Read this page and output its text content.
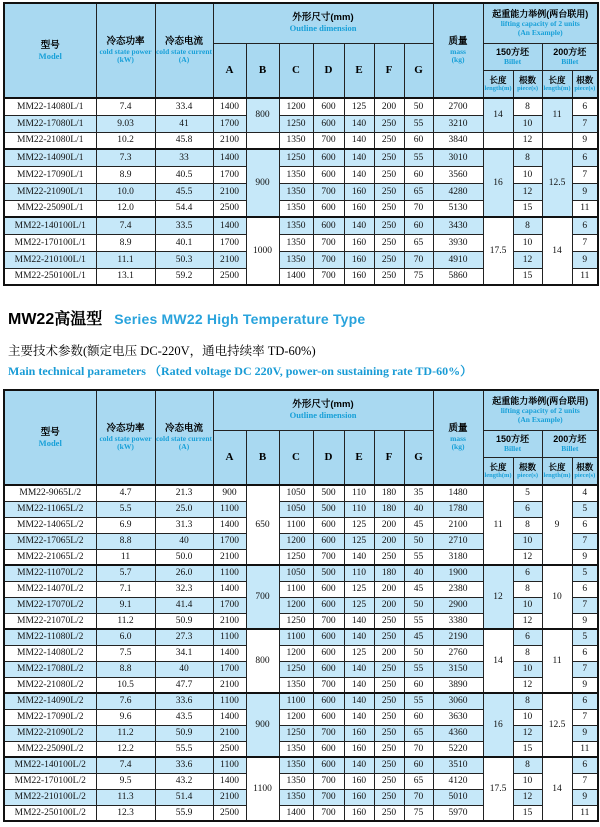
型号
Model

冷态功率
cold state power
(kW)

冷态电流
cold state current
(A)

外形尺寸(mm)
Outline dimension

质量
mass
(kg)

起重能力举例(两台联用)
lifting capacity of 2 units
(An Example)

A	B	C	D	E	F	G

150方坯
Billet

200方坯
Billet

长度
length(m)

根数
piece(s)

长度
length(m)

根数
piece(s)

MM22-14080L/1	7.4	33.4	1400	800	1200	600	125	200	50	2700	14	8	11	6
MM22-17080L/1	9.03	41	1700		1250	600	140	250	55	3210		10		7
MM22-21080L/1	10.2	45.8	2100		1350	700	140	250	60	3840		12		9
MM22-14090L/1	7.3	33	1400	900	1250	600	140	250	55	3010	16	8	12.5	6
MM22-17090L/1	8.9	40.5	1700		1350	600	140	250	60	3560		10		7
MM22-21090L/1	10.0	45.5	2100		1350	700	160	250	65	4280		12		9
MM22-25090L/1	12.0	54.4	2500		1350	600	160	250	70	5130		15		11
MM22-140100L/1	7.4	33.5	1400	1000	1350	600	140	250	60	3430	17.5	8	14	6
MM22-170100L/1	8.9	40.1	1700		1350	700	160	250	65	3930		10		7
MM22-210100L/1	11.1	50.3	2100		1350	700	160	250	70	4910		12		9
MM22-250100L/1	13.1	59.2	2500		1400	700	160	250	75	5860		15		11
MW22高温型 Series MW22 High Temperature Type
主要技术参数(额定电压 DC-220V，通电持续率 TD-60%)
Main technical parameters （Rated voltage DC 220V, power-on sustaining rate TD-60%）
型号
Model

冷态功率
cold state power
(kW)

冷态电流
cold state current
(A)

外形尺寸(mm)
Outline dimension

质量
mass
(kg)

起重能力举例(两台联用)
lifting capacity of 2 units
(An Example)

A	B	C	D	E	F	G

150方坯
Billet

200方坯
Billet

长度
length(m)

根数
piece(s)

长度
length(m)

根数
piece(s)

MM22-9065L/2	4.7	21.3	900	650	1050	500	110	180	35	1480	11	5	9	4
MM22-11065L/2	5.5	25.0	1100		1050	500	110	180	40	1780		6		5
MM22-14065L/2	6.9	31.3	1400		1100	600	125	200	45	2100		8		6
MM22-17065L/2	8.8	40	1700		1200	600	125	200	50	2710		10		7
MM22-21065L/2	11	50.0	2100		1250	700	140	250	55	3180		12		9
MM22-11070L/2	5.7	26.0	1100	700	1050	500	110	180	40	1900	12	6	10	5
MM22-14070L/2	7.1	32.3	1400		1100	600	125	200	45	2380		8		6
MM22-17070L/2	9.1	41.4	1700		1200	600	125	200	50	2900		10		7
MM22-21070L/2	11.2	50.9	2100		1250	700	140	250	55	3380		12		9
MM22-11080L/2	6.0	27.3	1100	800	1100	600	140	250	45	2190	14	6	11	5
MM22-14080L/2	7.5	34.1	1400		1200	600	125	200	50	2760		8		6
MM22-17080L/2	8.8	40	1700		1250	600	140	250	55	3150		10		7
MM22-21080L/2	10.5	47.7	2100		1350	700	140	250	60	3890		12		9
MM22-14090L/2	7.6	33.6	1100	900	1100	600	140	250	55	3060	16	8	12.5	6
MM22-17090L/2	9.6	43.5	1400		1200	600	140	250	60	3630		10		7
MM22-21090L/2	11.2	50.9	2100		1250	700	160	250	65	4360		12		9
MM22-25090L/2	12.2	55.5	2500		1350	600	160	250	70	5220		15		11
MM22-140100L/2	7.4	33.6	1100	1100	1350	600	140	250	60	3510	17.5	8	14	6
MM22-170100L/2	9.5	43.2	1400		1350	700	160	250	65	4120		10		7
MM22-210100L/2	11.3	51.4	2100		1350	700	160	250	70	5010		12		9
MM22-250100L/2	12.3	55.9	2500		1400	700	160	250	75	5970		15		11
